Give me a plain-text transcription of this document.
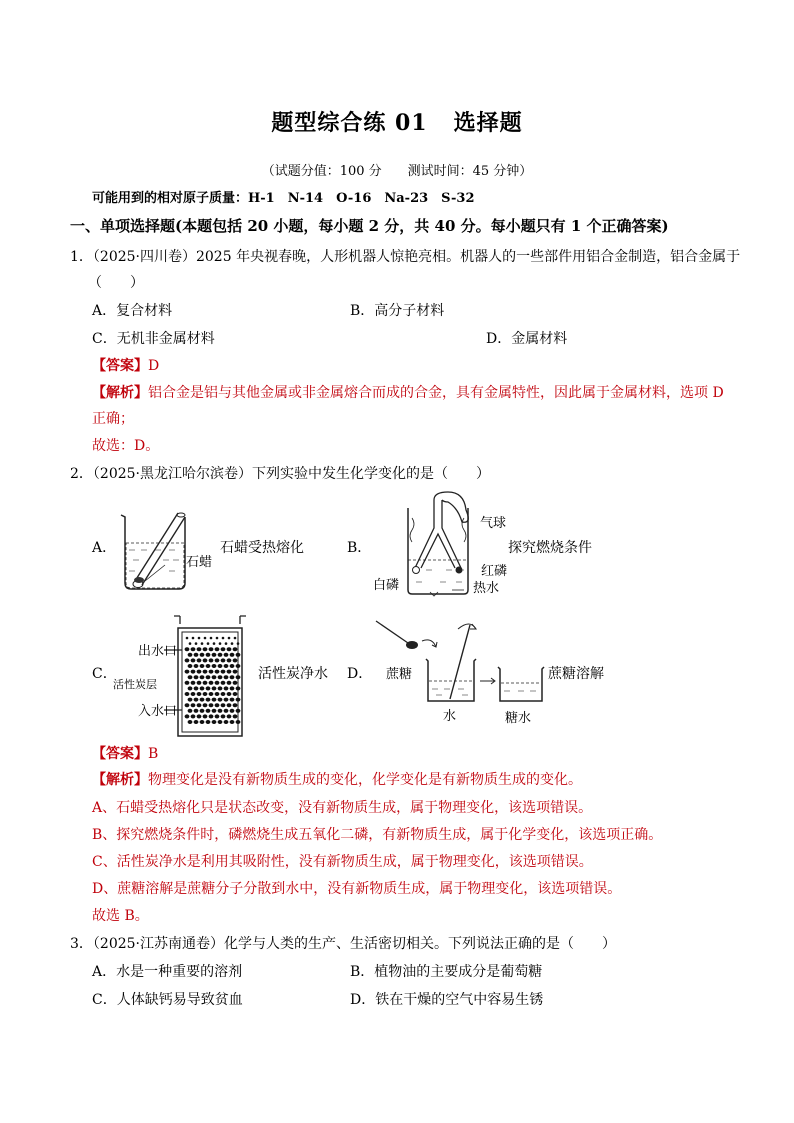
题型综合练 01 选择题
（试题分值：100 分　　测试时间：45 分钟）
可能用到的相对原子质量：H-1　N-14　O-16　Na-23　S-32
一、单项选择题(本题包括 20 小题，每小题 2 分，共 40 分。每小题只有 1 个正确答案)
1．（2025·四川卷）2025 年央视春晚，人形机器人惊艳亮相。机器人的一些部件用铝合金制造，铝合金属于
（　　）
A．复合材料	B．高分子材料
C．无机非金属材料	D．金属材料
【答案】D
【解析】铝合金是铝与其他金属或非金属熔合而成的合金，具有金属特性，因此属于金属材料，选项 D
正确；
故选：D。
2．（2025·黑龙江哈尔滨卷）下列实验中发生化学变化的是（　　）
A．
石蜡
石蜡受热熔化	B．
气球
红磷
白磷	热水
探究燃烧条件
C．
出水口
活性炭层
入水口
活性炭净水 D． 蔗糖
水	糖水
蔗糖溶解
【答案】B
【解析】物理变化是没有新物质生成的变化，化学变化是有新物质生成的变化。
A、石蜡受热熔化只是状态改变，没有新物质生成，属于物理变化，该选项错误。
B、探究燃烧条件时，磷燃烧生成五氧化二磷，有新物质生成，属于化学变化，该选项正确。
C、活性炭净水是利用其吸附性，没有新物质生成，属于物理变化，该选项错误。
D、蔗糖溶解是蔗糖分子分散到水中，没有新物质生成，属于物理变化，该选项错误。
故选 B。
3．（2025·江苏南通卷）化学与人类的生产、生活密切相关。下列说法正确的是（　　）
A．水是一种重要的溶剂	B．植物油的主要成分是葡萄糖
C．人体缺钙易导致贫血	D．铁在干燥的空气中容易生锈
